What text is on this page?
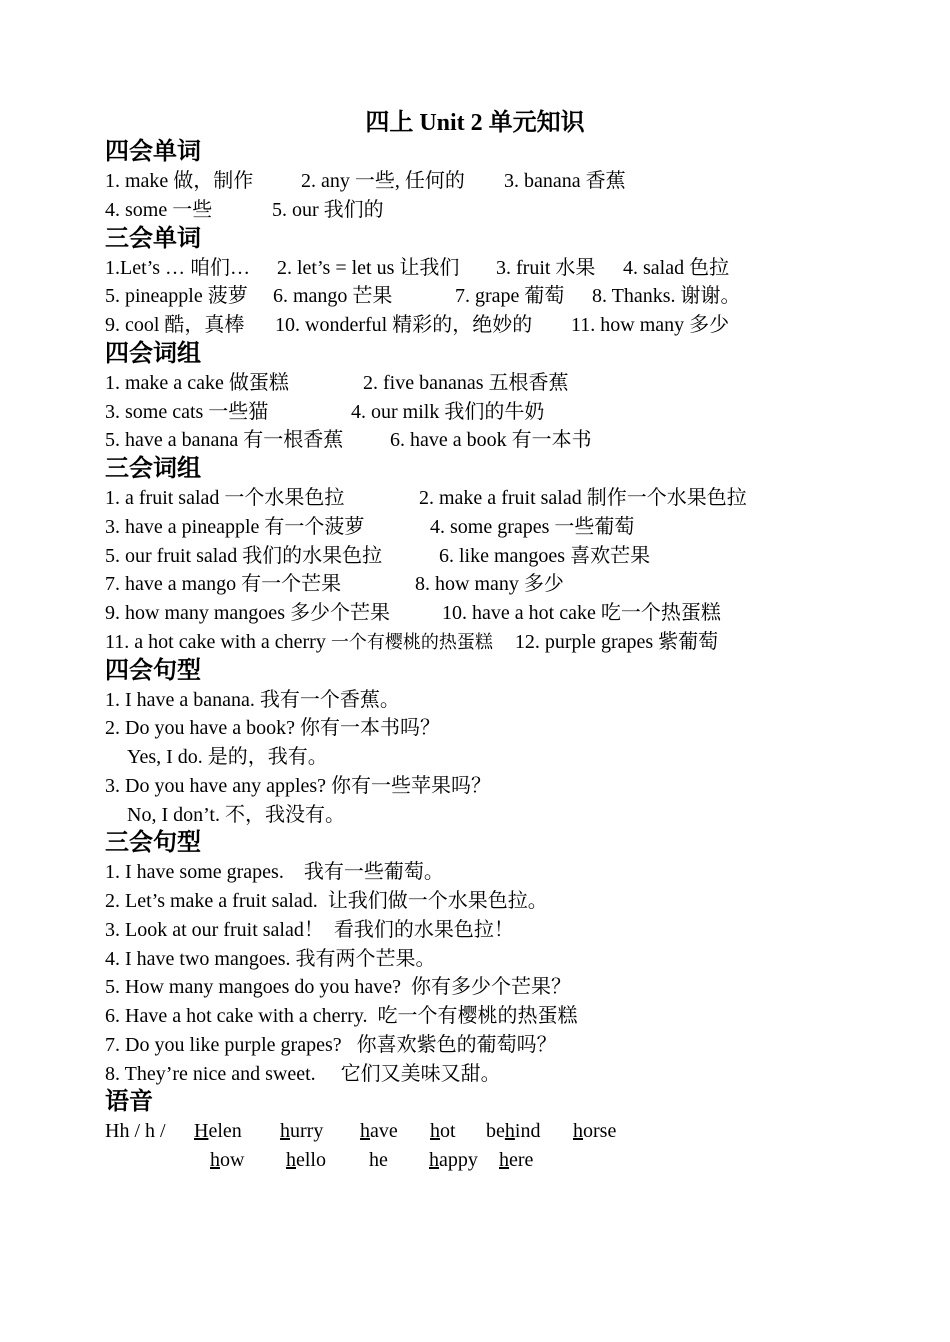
四上 Unit 2 单元知识
四会单词
1. make 做，制作 2. any 一些, 任何的 3. banana 香蕉
4. some 一些	5. our 我们的
三会单词
1.Let’s … 咱们… 2. let’s = let us 让我们 3. fruit 水果 4. salad 色拉
5. pineapple 菠萝 6. mango 芒果	7. grape 葡萄 8. Thanks. 谢谢。
9. cool 酷，真棒 10. wonderful 精彩的，绝妙的 11. how many 多少
四会词组
1. make a cake 做蛋糕	2. five bananas 五根香蕉
3. some cats 一些猫	4. our milk 我们的牛奶
5. have a banana 有一根香蕉 6. have a book 有一本书
三会词组
1. a fruit salad 一个水果色拉	2. make a fruit salad 制作一个水果色拉
3. have a pineapple 有一个菠萝	4. some grapes 一些葡萄
5. our fruit salad 我们的水果色拉	6. like mangoes 喜欢芒果
7. have a mango 有一个芒果	8. how many 多少
9. how many mangoes 多少个芒果	10. have a hot cake 吃一个热蛋糕
11. a hot cake with a cherry 一个有樱桃的热蛋糕 12. purple grapes 紫葡萄
四会句型
1. I have a banana. 我有一个香蕉。
2. Do you have a book? 你有一本书吗？
Yes, I do. 是的，我有。
3. Do you have any apples? 你有一些苹果吗？
No, I don’t. 不，我没有。
三会句型
1. I have some grapes.    我有一些葡萄。
2. Let’s make a fruit salad.  让我们做一个水果色拉。
3. Look at our fruit salad！  看我们的水果色拉！
4. I have two mangoes. 我有两个芒果。
5. How many mangoes do you have?  你有多少个芒果？
6. Have a hot cake with a cherry.  吃一个有樱桃的热蛋糕
7. Do you like purple grapes?   你喜欢紫色的葡萄吗？
8. They’re nice and sweet.     它们又美味又甜。
语音
Hh / h / Helen hurry have hot behind horse
how hello he happy here
